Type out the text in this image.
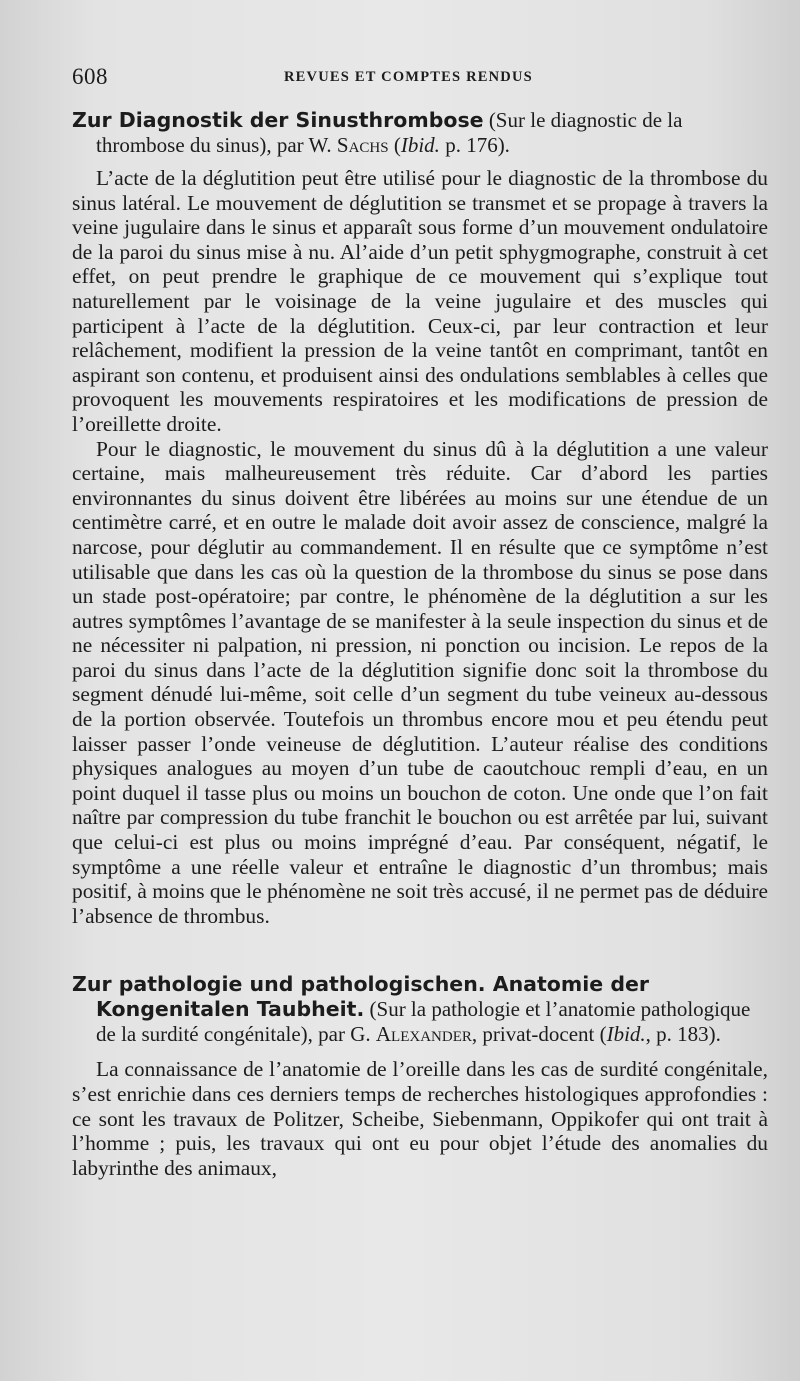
608	REVUES ET COMPTES RENDUS
Zur Diagnostik der Sinusthrombose (Sur le diagnostic de la thrombose du sinus), par W. Sachs (Ibid. p. 176).

L’acte de la déglutition peut être utilisé pour le diagnostic de la thrombose du sinus latéral. Le mouvement de déglutition se transmet et se propage à travers la veine jugulaire dans le sinus et apparaît sous forme d’un mouvement ondulatoire de la paroi du sinus mise à nu. Al’aide d’un petit sphygmographe, construit à cet effet, on peut prendre le graphique de ce mouvement qui s’explique tout naturellement par le voisinage de la veine jugulaire et des muscles qui participent à l’acte de la déglutition. Ceux-ci, par leur contraction et leur relâchement, modifient la pression de la veine tantôt en comprimant, tantôt en aspirant son contenu, et produisent ainsi des ondulations semblables à celles que provoquent les mouvements respiratoires et les modifications de pression de l’oreillette droite.

Pour le diagnostic, le mouvement du sinus dû à la déglutition a une valeur certaine, mais malheureusement très réduite. Car d’abord les parties environnantes du sinus doivent être libérées au moins sur une étendue de un centimètre carré, et en outre le malade doit avoir assez de conscience, malgré la narcose, pour déglutir au commandement. Il en résulte que ce symptôme n’est utilisable que dans les cas où la question de la thrombose du sinus se pose dans un stade post-opératoire; par contre, le phénomène de la déglutition a sur les autres symptômes l’avantage de se manifester à la seule inspection du sinus et de ne nécessiter ni palpation, ni pression, ni ponction ou incision. Le repos de la paroi du sinus dans l’acte de la déglutition signifie donc soit la thrombose du segment dénudé lui-même, soit celle d’un segment du tube veineux au-dessous de la portion observée. Toutefois un thrombus encore mou et peu étendu peut laisser passer l’onde veineuse de déglutition. L’auteur réalise des conditions physiques analogues au moyen d’un tube de caoutchouc rempli d’eau, en un point duquel il tasse plus ou moins un bouchon de coton. Une onde que l’on fait naître par compression du tube franchit le bouchon ou est arrêtée par lui, suivant que celui-ci est plus ou moins imprégné d’eau. Par conséquent, négatif, le symptôme a une réelle valeur et entraîne le diagnostic d’un thrombus; mais positif, à moins que le phénomène ne soit très accusé, il ne permet pas de déduire l’absence de thrombus.

Zur pathologie und pathologischen. Anatomie der Kongenitalen Taubheit. (Sur la pathologie et l’anatomie pathologique de la surdité congénitale), par G. Alexander, privat-docent (Ibid., p. 183).

La connaissance de l’anatomie de l’oreille dans les cas de surdité congénitale, s’est enrichie dans ces derniers temps de recherches histologiques approfondies : ce sont les travaux de Politzer, Scheibe, Siebenmann, Oppikofer qui ont trait à l’homme ; puis, les travaux qui ont eu pour objet l’étude des anomalies du labyrinthe des animaux,
